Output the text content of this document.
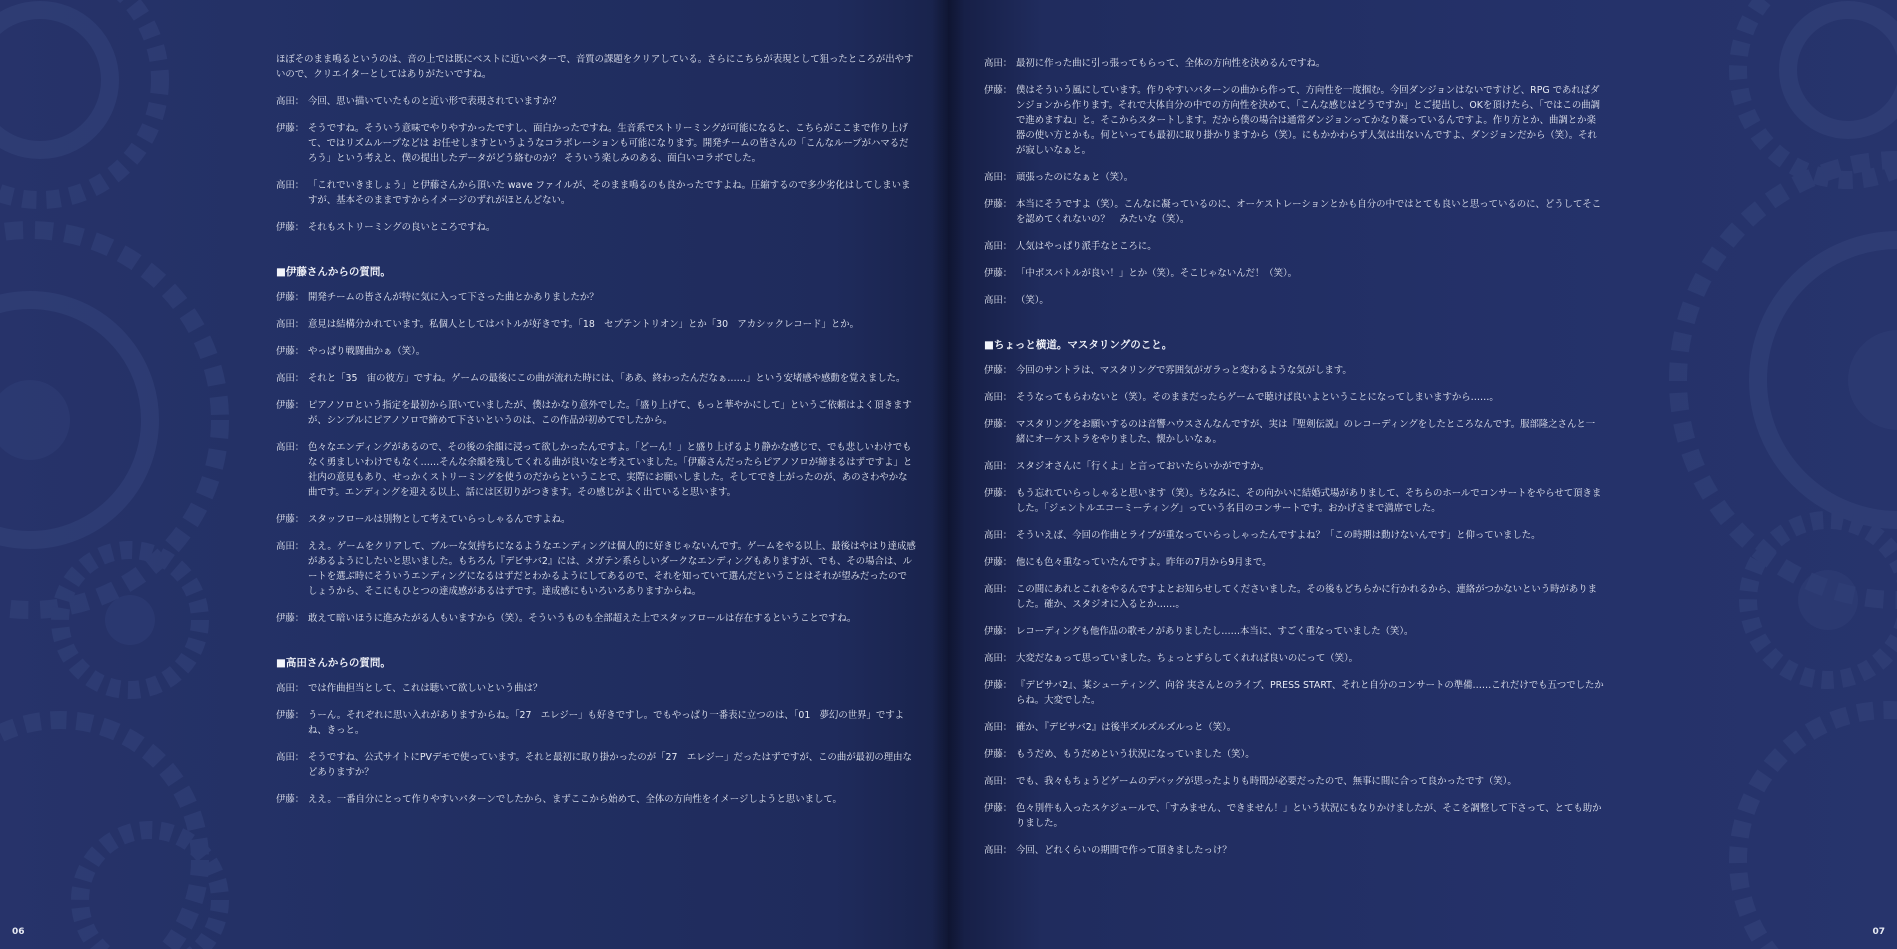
ほぼそのまま鳴るというのは、音の上では既にベストに近いベターで、音質の課題をクリアしている。さらにこちらが表現として狙ったところが出やすいので、クリエイターとしてはありがたいですね。
高田： 今回、思い描いていたものと近い形で表現されていますか？
伊藤： そうですね。そういう意味でやりやすかったですし、面白かったですね。生音系でストリーミングが可能になると、こちらがここまで作り上げて、ではリズムループなどは お任せしますというようなコラボレーションも可能になります。開発チームの皆さんの「こんなループがハマるだろう」という考えと、僕の提出したデータがどう絡むのか？ そういう楽しみのある、面白いコラボでした。
高田： 「これでいきましょう」と伊藤さんから頂いた wave ファイルが、そのまま鳴るのも良かったですよね。圧縮するので多少劣化はしてしまいますが、基本そのままですからイメージのずれがほとんどない。
伊藤： それもストリーミングの良いところですね。
■伊藤さんからの質問。
伊藤： 開発チームの皆さんが特に気に入って下さった曲とかありましたか？
高田： 意見は結構分かれています。私個人としてはバトルが好きです。「18　セプテントリオン」とか「30　アカシックレコード」とか。
伊藤： やっぱり戦闘曲かぁ（笑）。
高田： それと「35　宙の彼方」ですね。ゲームの最後にこの曲が流れた時には、「ああ、終わったんだなぁ……」という安堵感や感動を覚えました。
伊藤： ピアノソロという指定を最初から頂いていましたが、僕はかなり意外でした。「盛り上げて、もっと華やかにして」というご依頼はよく頂きますが、シンプルにピアノソロで締めて下さいというのは、この作品が初めてでしたから。
高田： 色々なエンディングがあるので、その後の余韻に浸って欲しかったんですよ。「どーん！」と盛り上げるより静かな感じで、でも悲しいわけでもなく勇ましいわけでもなく……そんな余韻を残してくれる曲が良いなと考えていました。「伊藤さんだったらピアノソロが締まるはずですよ」と社内の意見もあり、せっかくストリーミングを使うのだからということで、実際にお願いしました。そしてでき上がったのが、あのさわやかな曲です。エンディングを迎える以上、話には区切りがつきます。その感じがよく出ていると思います。
伊藤： スタッフロールは別物として考えていらっしゃるんですよね。
高田： ええ。ゲームをクリアして、ブルーな気持ちになるようなエンディングは個人的に好きじゃないんです。ゲームをやる以上、最後はやはり達成感があるようにしたいと思いました。もちろん『デビサバ2』には、メガテン系らしいダークなエンディングもありますが、でも、その場合は、ルートを選ぶ時にそういうエンディングになるはずだとわかるようにしてあるので、それを知っていて選んだということはそれが望みだったのでしょうから、そこにもひとつの達成感があるはずです。達成感にもいろいろありますからね。
伊藤： 敢えて暗いほうに進みたがる人もいますから（笑）。そういうものも全部超えた上でスタッフロールは存在するということですね。
■高田さんからの質問。
高田： では作曲担当として、これは聴いて欲しいという曲は？
伊藤： うーん。それぞれに思い入れがありますからね。「27　エレジー」も好きですし。でもやっぱり一番表に立つのは、「01　夢幻の世界」ですよね、きっと。
高田： そうですね、公式サイトにPVデモで使っています。それと最初に取り掛かったのが「27　エレジー」だったはずですが、この曲が最初の理由などありますか？
伊藤： ええ。一番自分にとって作りやすいパターンでしたから、まずここから始めて、全体の方向性をイメージしようと思いまして。
06
高田： 最初に作った曲に引っ張ってもらって、全体の方向性を決めるんですね。
伊藤： 僕はそういう風にしています。作りやすいパターンの曲から作って、方向性を一度掴む。今回ダンジョンはないですけど、RPG であればダンジョンから作ります。それで大体自分の中での方向性を決めて、「こんな感じはどうですか」とご提出し、OKを頂けたら、「ではこの曲調で進めますね」と。そこからスタートします。だから僕の場合は通常ダンジョンってかなり凝っているんですよ。作り方とか、曲調とか楽器の使い方とかも。何といっても最初に取り掛かりますから（笑）。にもかかわらず人気は出ないんですよ、ダンジョンだから（笑）。それが寂しいなぁと。
高田： 頑張ったのになぁと（笑）。
伊藤： 本当にそうですよ（笑）。こんなに凝っているのに、オーケストレーションとかも自分の中ではとても良いと思っているのに、どうしてそこを認めてくれないの？　みたいな（笑）。
高田： 人気はやっぱり派手なところに。
伊藤： 「中ボスバトルが良い！」とか（笑）。そこじゃないんだ！（笑）。
高田： （笑）。
■ちょっと横道。マスタリングのこと。
伊藤： 今回のサントラは、マスタリングで雰囲気がガラっと変わるような気がします。
高田： そうなってもらわないと（笑）。そのままだったらゲームで聴けば良いよということになってしまいますから……。
伊藤： マスタリングをお願いするのは音響ハウスさんなんですが、実は『聖剣伝説』のレコーディングをしたところなんです。服部隆之さんと一緒にオーケストラをやりました、懐かしいなぁ。
高田： スタジオさんに「行くよ」と言っておいたらいかがですか。
伊藤： もう忘れていらっしゃると思います（笑）。ちなみに、その向かいに結婚式場がありまして、そちらのホールでコンサートをやらせて頂きました。「ジェントルエコーミーティング」っていう名目のコンサートです。おかげさまで満席でした。
高田： そういえば、今回の作曲とライブが重なっていらっしゃったんですよね？「この時期は動けないんです」と仰っていました。
伊藤： 他にも色々重なっていたんですよ。昨年の7月から9月まで。
高田： この間にあれとこれをやるんですよとお知らせしてくださいました。その後もどちらかに行かれるから、連絡がつかないという時がありました。確か、スタジオに入るとか……。
伊藤： レコーディングも他作品の歌モノがありましたし……本当に、すごく重なっていました（笑）。
高田： 大変だなぁって思っていました。ちょっとずらしてくれれば良いのにって（笑）。
伊藤： 『デビサバ2』、某シューティング、向谷 実さんとのライブ、PRESS START、それと自分のコンサートの準備……これだけでも五つでしたからね。大変でした。
高田： 確か、『デビサバ2』は後半ズルズルズルっと（笑）。
伊藤： もうだめ、もうだめという状況になっていました（笑）。
高田： でも、我々もちょうどゲームのデバッグが思ったよりも時間が必要だったので、無事に間に合って良かったです（笑）。
伊藤： 色々別件も入ったスケジュールで、「すみません、できません！」という状況にもなりかけましたが、そこを調整して下さって、とても助かりました。
高田： 今回、どれくらいの期間で作って頂きましたっけ？
07
